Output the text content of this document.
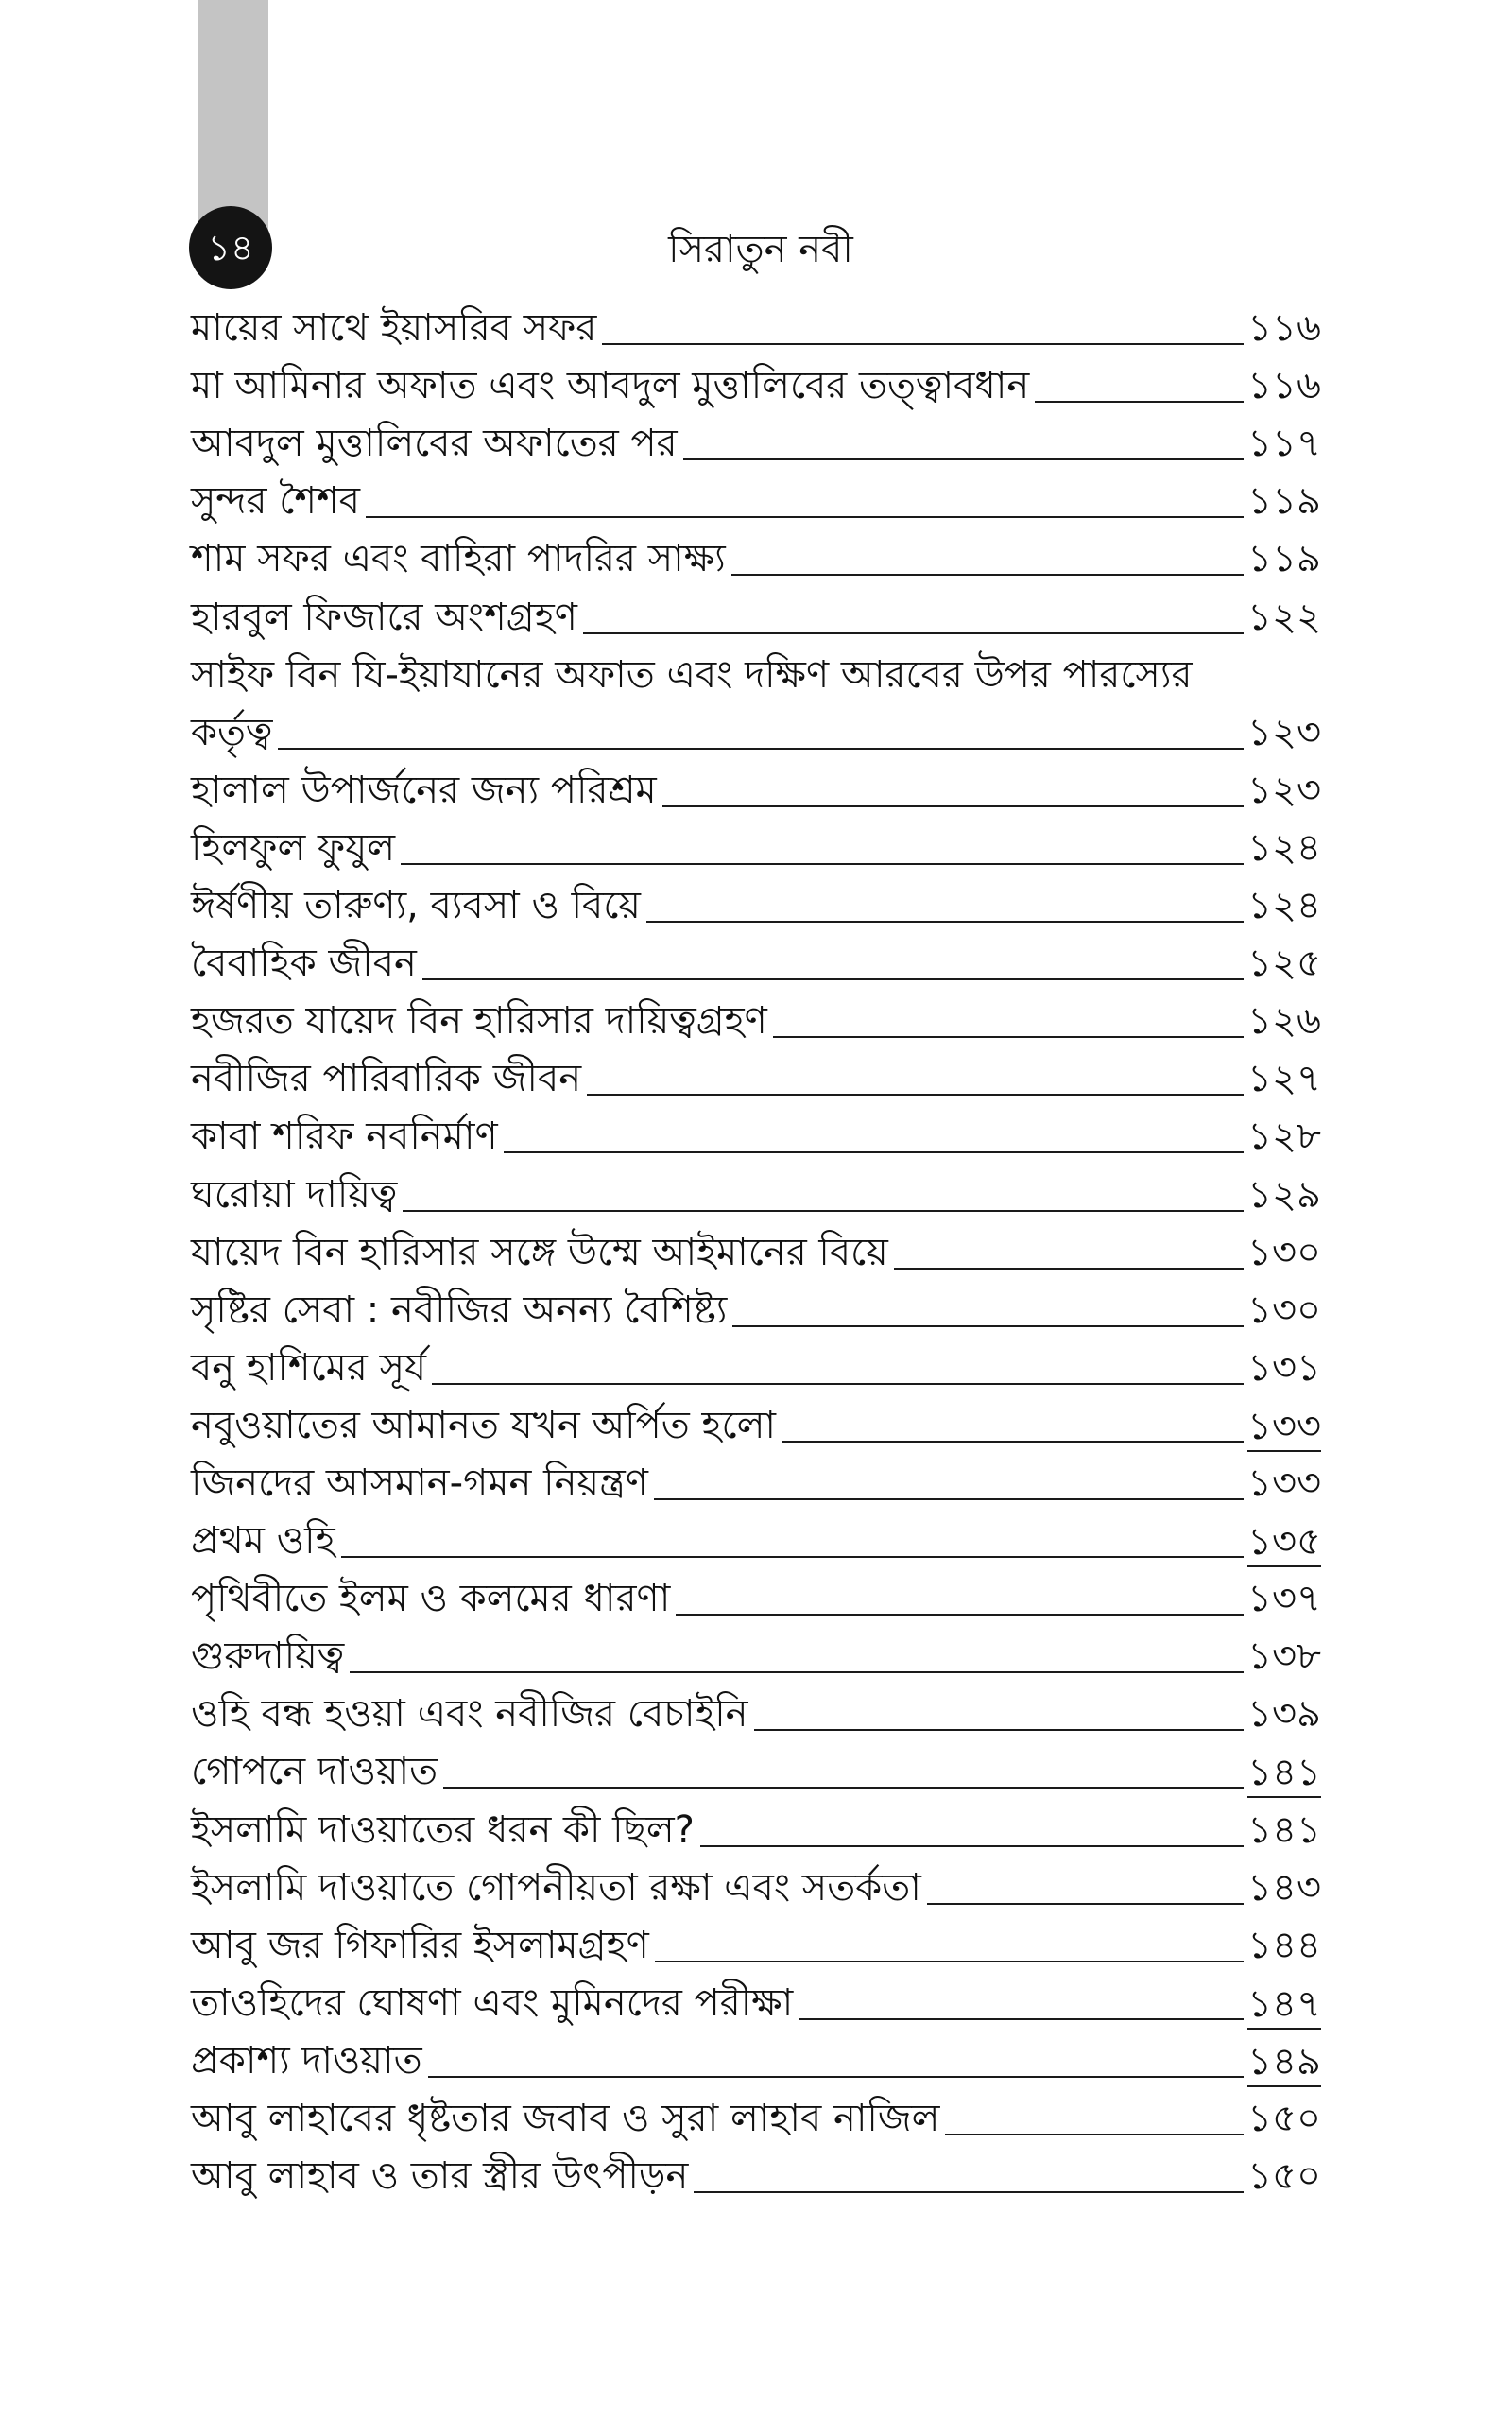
১৪	সিরাতুন নবী
মায়ের সাথে ইয়াসরিব সফর	১১৬
মা আমিনার অফাত এবং আবদুল মুত্তালিবের তত্ত্বাবধান	১১৬
আবদুল মুত্তালিবের অফাতের পর	১১৭
সুন্দর শৈশব	১১৯
শাম সফর এবং বাহিরা পাদরির সাক্ষ্য	১১৯
হারবুল ফিজারে অংশগ্রহণ	১২২
সাইফ বিন যি-ইয়াযানের অফাত এবং দক্ষিণ আরবের উপর পারস্যের
কর্তৃত্ব	১২৩
হালাল উপার্জনের জন্য পরিশ্রম	১২৩
হিলফুল ফুযুল	১২৪
ঈর্ষণীয় তারুণ্য, ব্যবসা ও বিয়ে	১২৪
বৈবাহিক জীবন	১২৫
হজরত যায়েদ বিন হারিসার দায়িত্বগ্রহণ	১২৬
নবীজির পারিবারিক জীবন	১২৭
কাবা শরিফ নবনির্মাণ	১২৮
ঘরোয়া দায়িত্ব	১২৯
যায়েদ বিন হারিসার সঙ্গে উম্মে আইমানের বিয়ে	১৩০
সৃষ্টির সেবা : নবীজির অনন্য বৈশিষ্ট্য	১৩০
বনু হাশিমের সূর্য	১৩১
নবুওয়াতের আমানত যখন অর্পিত হলো	১৩৩
জিনদের আসমান-গমন নিয়ন্ত্রণ	১৩৩
প্রথম ওহি	১৩৫
পৃথিবীতে ইলম ও কলমের ধারণা	১৩৭
গুরুদায়িত্ব	১৩৮
ওহি বন্ধ হওয়া এবং নবীজির বেচাইনি	১৩৯
গোপনে দাওয়াত	১৪১
ইসলামি দাওয়াতের ধরন কী ছিল?	১৪১
ইসলামি দাওয়াতে গোপনীয়তা রক্ষা এবং সতর্কতা	১৪৩
আবু জর গিফারির ইসলামগ্রহণ	১৪৪
তাওহিদের ঘোষণা এবং মুমিনদের পরীক্ষা	১৪৭
প্রকাশ্য দাওয়াত	১৪৯
আবু লাহাবের ধৃষ্টতার জবাব ও সুরা লাহাব নাজিল	১৫০
আবু লাহাব ও তার স্ত্রীর উৎপীড়ন	১৫০
